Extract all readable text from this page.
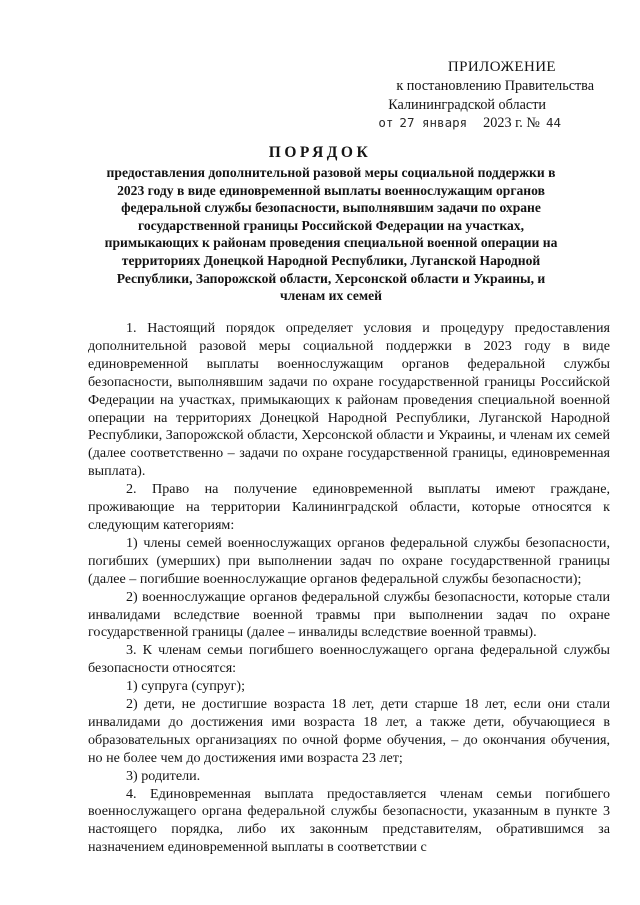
ПРИЛОЖЕНИЕ
к постановлению Правительства
Калининградской области
от 27 января 2023 г. № 44
ПОРЯДОК
предоставления дополнительной разовой меры социальной поддержки в 2023 году в виде единовременной выплаты военнослужащим органов федеральной службы безопасности, выполнявшим задачи по охране государственной границы Российской Федерации на участках, примыкающих к районам проведения специальной военной операции на территориях Донецкой Народной Республики, Луганской Народной Республики, Запорожской области, Херсонской области и Украины, и членам их семей

1. Настоящий порядок определяет условия и процедуру предоставления дополнительной разовой меры социальной поддержки в 2023 году в виде единовременной выплаты военнослужащим органов федеральной службы безопасности, выполнявшим задачи по охране государственной границы Российской Федерации на участках, примыкающих к районам проведения специальной военной операции на территориях Донецкой Народной Республики, Луганской Народной Республики, Запорожской области, Херсонской области и Украины, и членам их семей (далее соответственно – задачи по охране государственной границы, единовременная выплата).

2. Право на получение единовременной выплаты имеют граждане, проживающие на территории Калининградской области, которые относятся к следующим категориям:

1) члены семей военнослужащих органов федеральной службы безопасности, погибших (умерших) при выполнении задач по охране государственной границы (далее – погибшие военнослужащие органов федеральной службы безопасности);

2) военнослужащие органов федеральной службы безопасности, которые стали инвалидами вследствие военной травмы при выполнении задач по охране государственной границы (далее – инвалиды вследствие военной травмы).

3. К членам семьи погибшего военнослужащего органа федеральной службы безопасности относятся:

1) супруга (супруг);

2) дети, не достигшие возраста 18 лет, дети старше 18 лет, если они стали инвалидами до достижения ими возраста 18 лет, а также дети, обучающиеся в образовательных организациях по очной форме обучения, – до окончания обучения, но не более чем до достижения ими возраста 23 лет;

3) родители.

4. Единовременная выплата предоставляется членам семьи погибшего военнослужащего органа федеральной службы безопасности, указанным в пункте 3 настоящего порядка, либо их законным представителям, обратившимся за назначением единовременной выплаты в соответствии с
